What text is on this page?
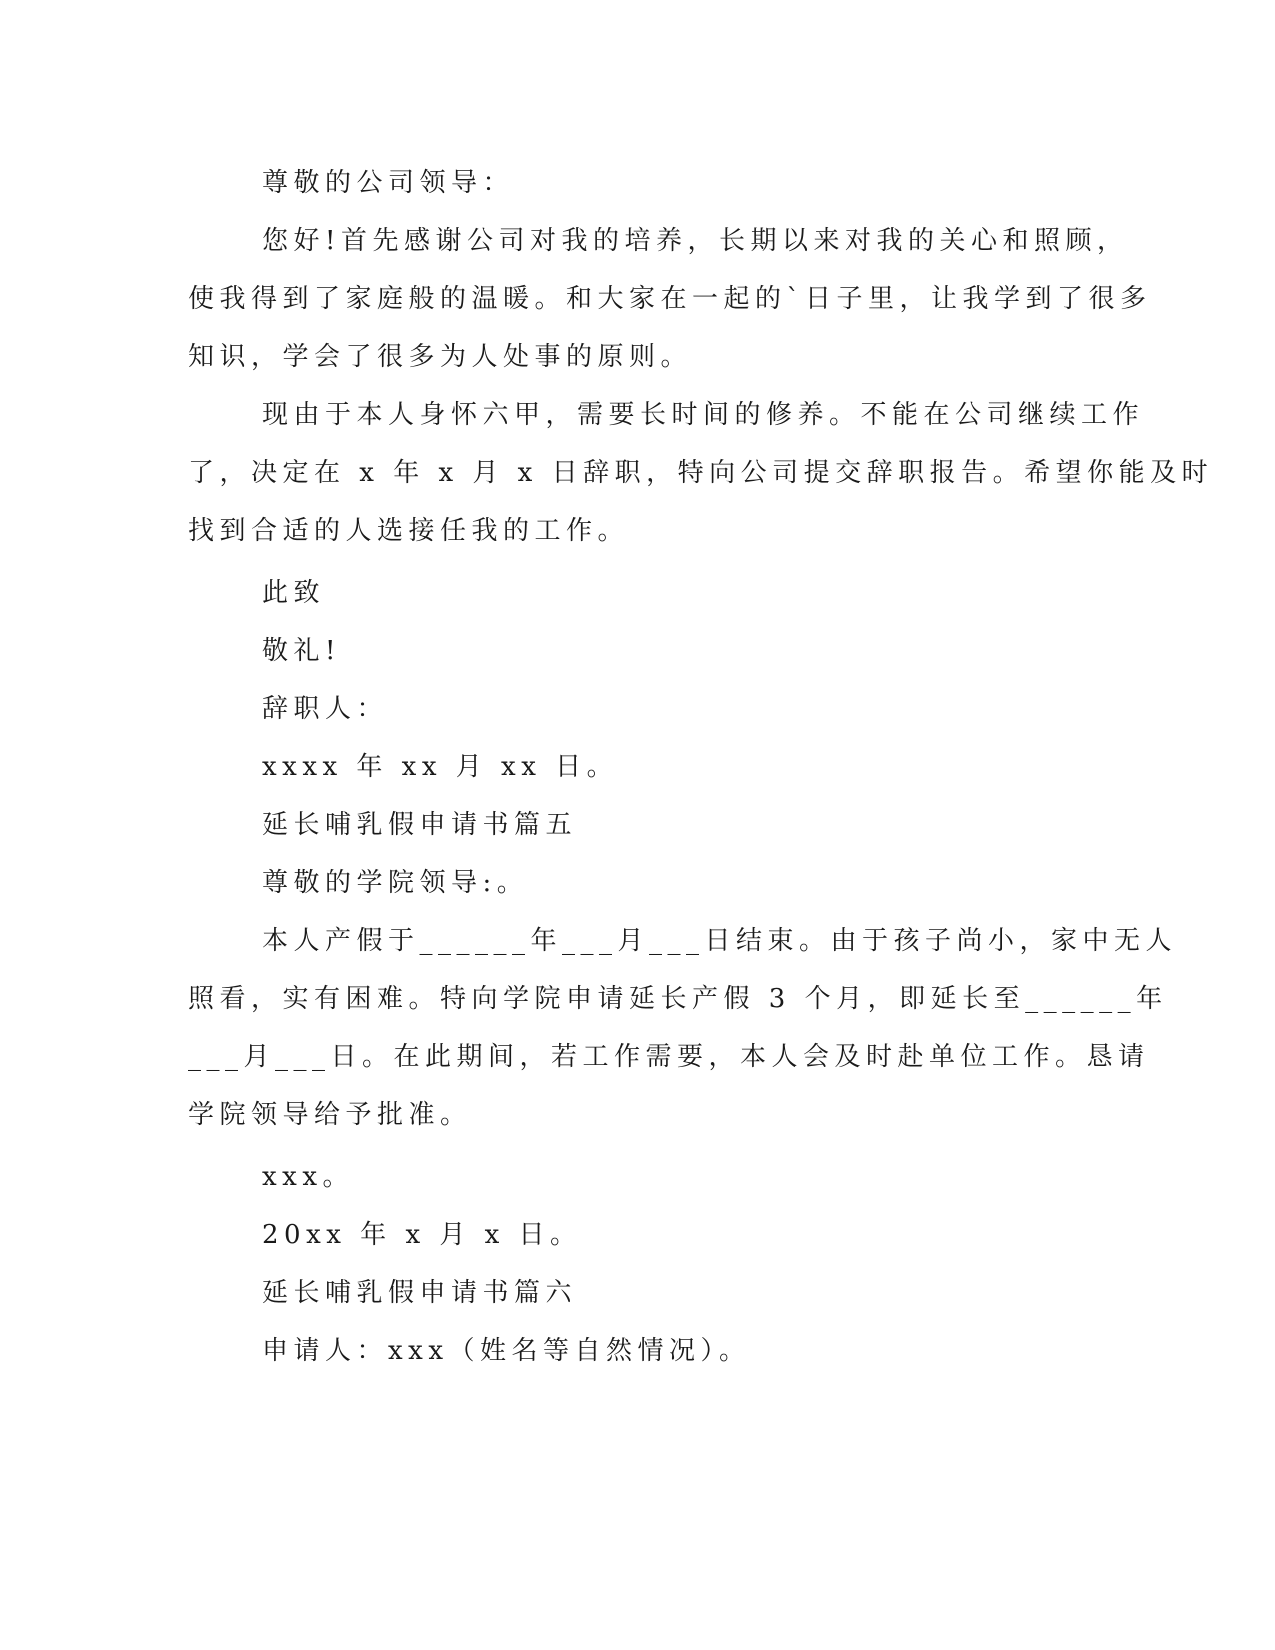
尊敬的公司领导：
您好!首先感谢公司对我的培养，长期以来对我的关心和照顾，
使我得到了家庭般的温暖。和大家在一起的`日子里，让我学到了很多
知识，学会了很多为人处事的原则。
现由于本人身怀六甲，需要长时间的修养。不能在公司继续工作
了，决定在 x 年 x 月 x 日辞职，特向公司提交辞职报告。希望你能及时
找到合适的人选接任我的工作。
此致
敬礼!
辞职人：
xxxx 年 xx 月 xx 日。
延长哺乳假申请书篇五
尊敬的学院领导:。
本人产假于______年___月___日结束。由于孩子尚小，家中无人
照看，实有困难。特向学院申请延长产假 3 个月，即延长至______年
___月___日。在此期间，若工作需要，本人会及时赴单位工作。恳请
学院领导给予批准。
xxx。
20xx 年 x 月 x 日。
延长哺乳假申请书篇六
申请人：xxx（姓名等自然情况）。
